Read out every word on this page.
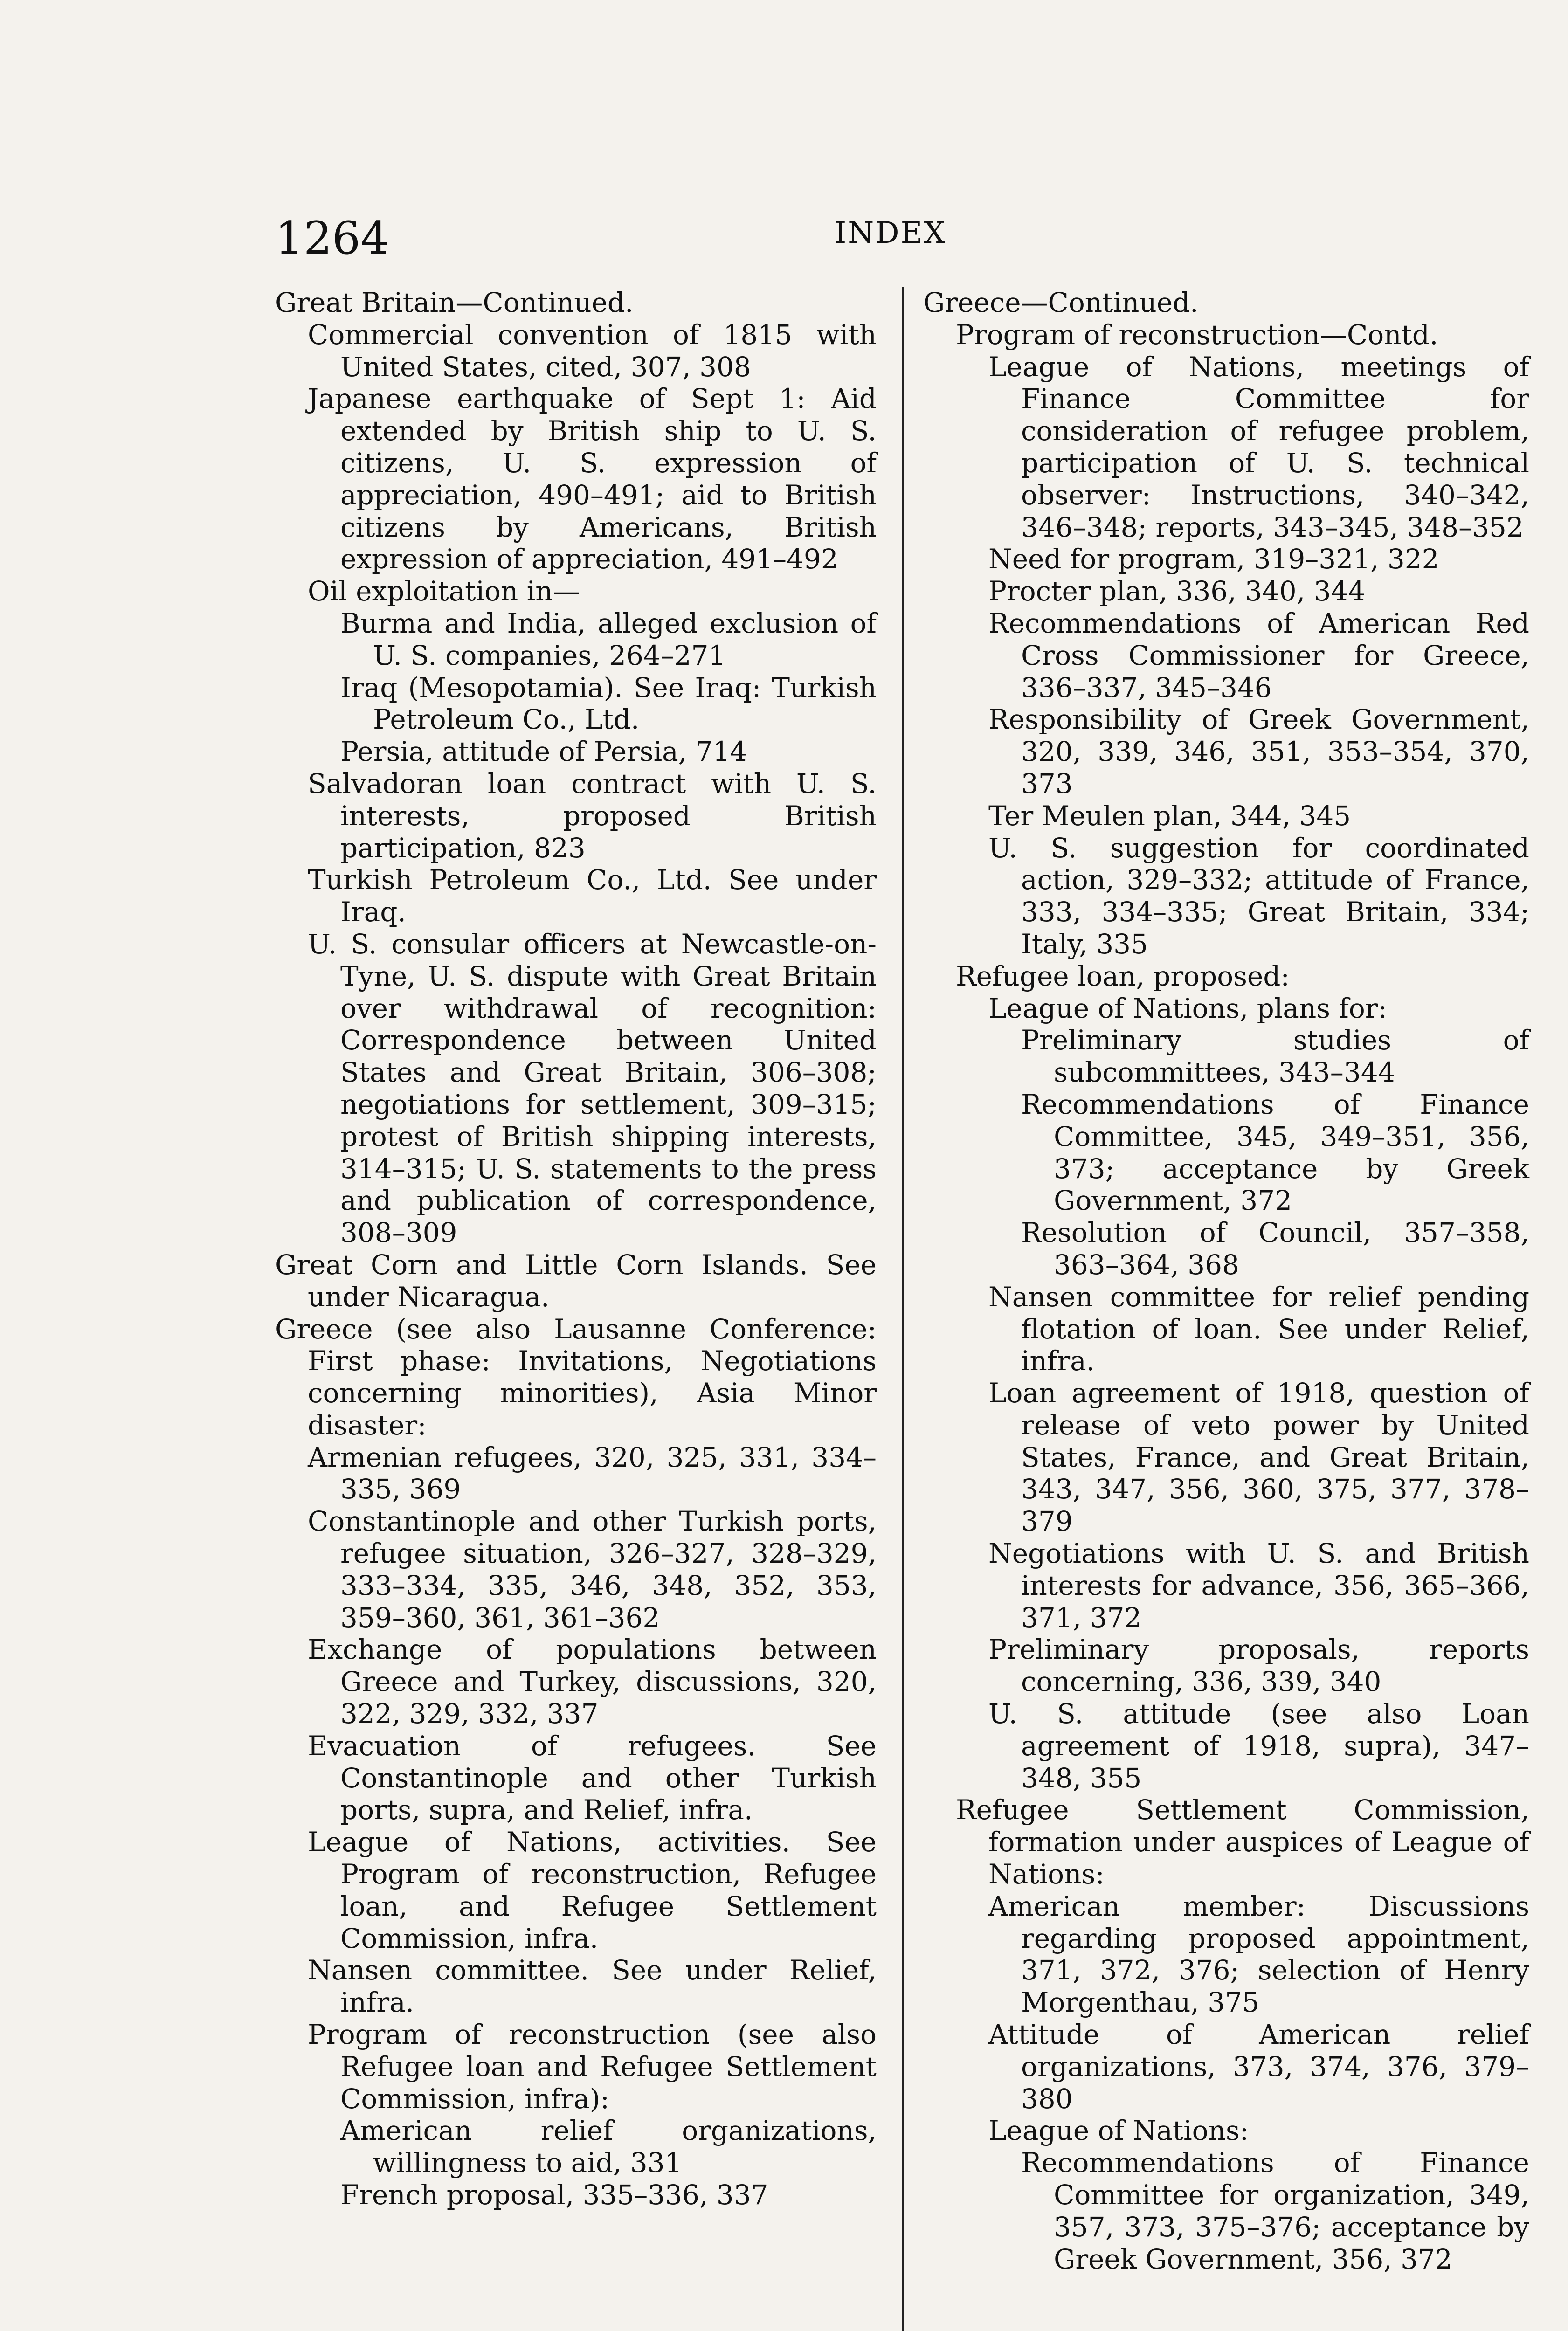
1264	INDEX

Great Britain—Continued.

Commercial convention of 1815 with United States, cited, 307, 308

Japanese earthquake of Sept 1: Aid extended by British ship to U. S. citizens, U. S. expression of appreciation, 490–491; aid to British citizens by Americans, British expression of appreciation, 491–492

Oil exploitation in—

Burma and India, alleged exclusion of U. S. companies, 264–271

Iraq (Mesopotamia). See Iraq: Turkish Petroleum Co., Ltd.

Persia, attitude of Persia, 714

Salvadoran loan contract with U. S. interests, proposed British participation, 823

Turkish Petroleum Co., Ltd. See under Iraq.

U. S. consular officers at Newcastle-on-Tyne, U. S. dispute with Great Britain over withdrawal of recognition: Correspondence between United States and Great Britain, 306–308; negotiations for settlement, 309–315; protest of British shipping interests, 314–315; U. S. statements to the press and publication of correspondence, 308–309

Great Corn and Little Corn Islands. See under Nicaragua.

Greece (see also Lausanne Conference: First phase: Invitations, Negotiations concerning minorities), Asia Minor disaster:

Armenian refugees, 320, 325, 331, 334–335, 369

Constantinople and other Turkish ports, refugee situation, 326–327, 328–329, 333–334, 335, 346, 348, 352, 353, 359–360, 361, 361–362

Exchange of populations between Greece and Turkey, discussions, 320, 322, 329, 332, 337

Evacuation of refugees. See Constantinople and other Turkish ports, supra, and Relief, infra.

League of Nations, activities. See Program of reconstruction, Refugee loan, and Refugee Settlement Commission, infra.

Nansen committee. See under Relief, infra.

Program of reconstruction (see also Refugee loan and Refugee Settlement Commission, infra):

American relief organizations, willingness to aid, 331

French proposal, 335–336, 337

Greece—Continued.

Program of reconstruction—Contd.

League of Nations, meetings of Finance Committee for consideration of refugee problem, participation of U. S. technical observer: Instructions, 340–342, 346–348; reports, 343–345, 348–352

Need for program, 319–321, 322

Procter plan, 336, 340, 344

Recommendations of American Red Cross Commissioner for Greece, 336–337, 345–346

Responsibility of Greek Government, 320, 339, 346, 351, 353–354, 370, 373

Ter Meulen plan, 344, 345

U. S. suggestion for coordinated action, 329–332; attitude of France, 333, 334–335; Great Britain, 334; Italy, 335

Refugee loan, proposed:

League of Nations, plans for:

Preliminary studies of subcommittees, 343–344

Recommendations of Finance Committee, 345, 349–351, 356, 373; acceptance by Greek Government, 372

Resolution of Council, 357–358, 363–364, 368

Nansen committee for relief pending flotation of loan. See under Relief, infra.

Loan agreement of 1918, question of release of veto power by United States, France, and Great Britain, 343, 347, 356, 360, 375, 377, 378–379

Negotiations with U. S. and British interests for advance, 356, 365–366, 371, 372

Preliminary proposals, reports concerning, 336, 339, 340

U. S. attitude (see also Loan agreement of 1918, supra), 347–348, 355

Refugee Settlement Commission, formation under auspices of League of Nations:

American member: Discussions regarding proposed appointment, 371, 372, 376; selection of Henry Morgenthau, 375

Attitude of American relief organizations, 373, 374, 376, 379–380

League of Nations:

Recommendations of Finance Committee for organization, 349, 357, 373, 375–376; acceptance by Greek Government, 356, 372
